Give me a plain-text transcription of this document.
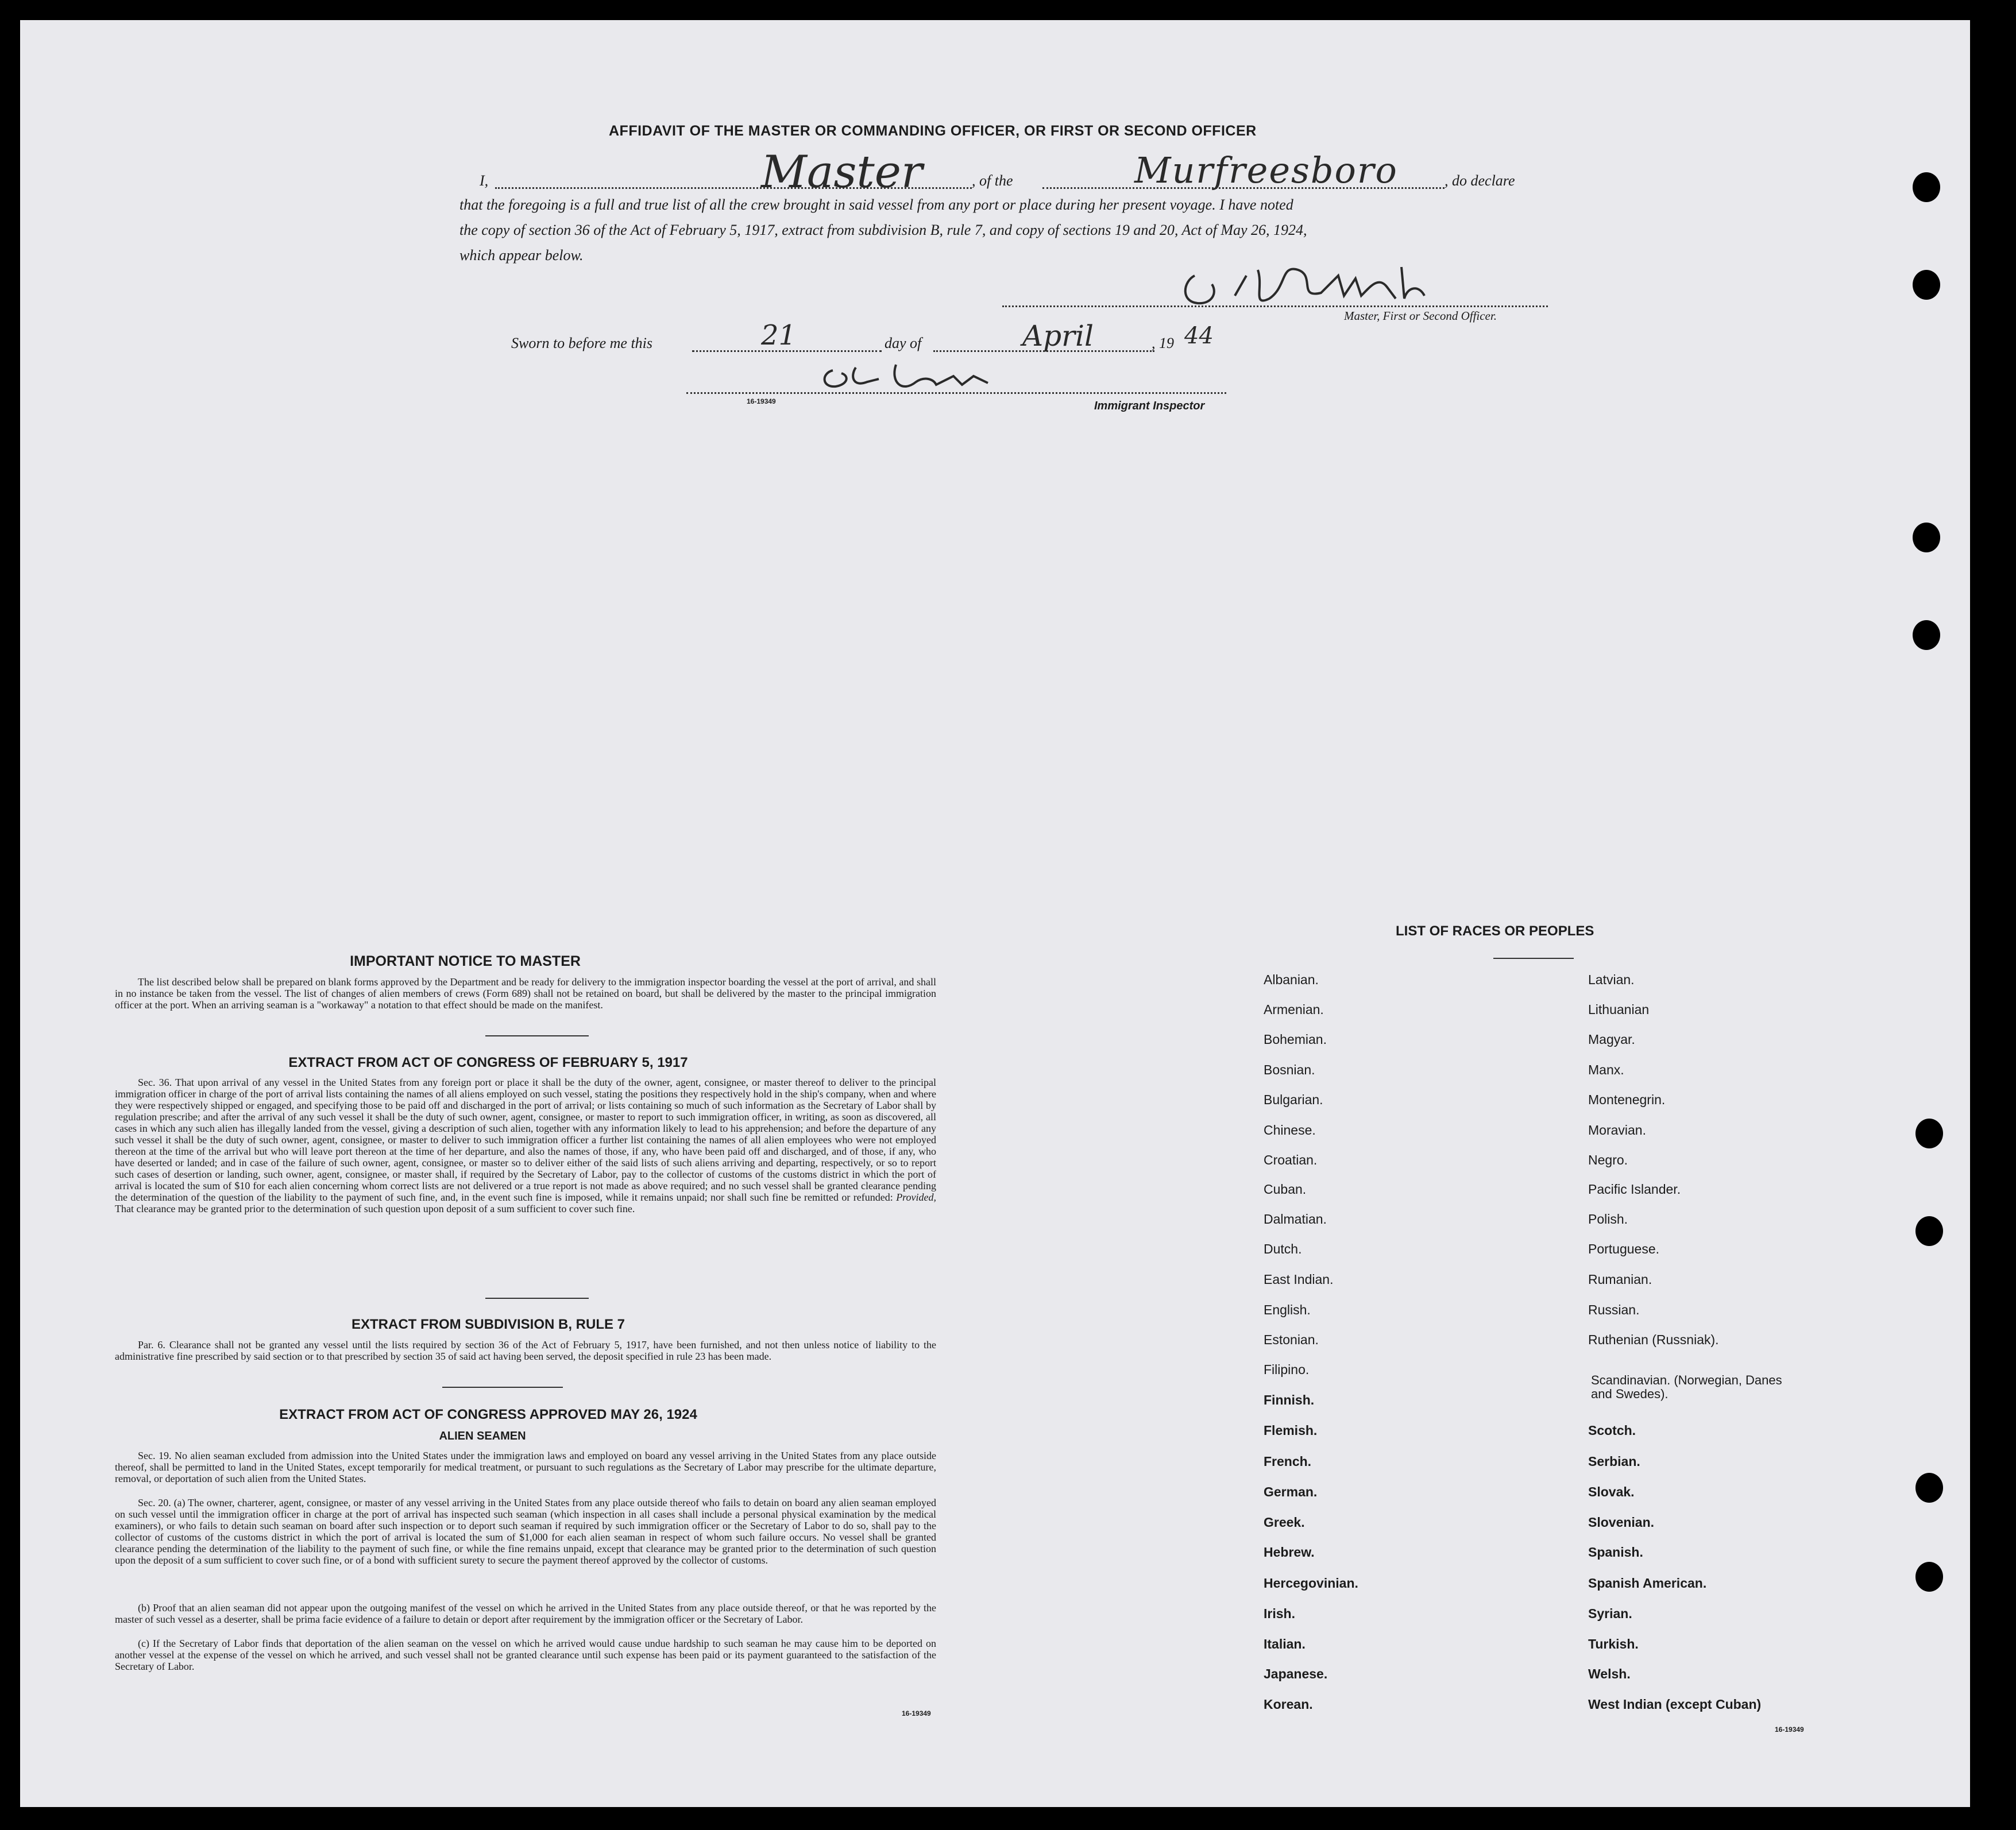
AFFIDAVIT OF THE MASTER OR COMMANDING OFFICER, OR FIRST OR SECOND OFFICER
I,	Master	, of the	Murfreesboro	, do declare
that the foregoing is a full and true list of all the crew brought in said vessel from any port or place during her present voyage. I have noted
the copy of section 36 of the Act of February 5, 1917, extract from subdivision B, rule 7, and copy of sections 19 and 20, Act of May 26, 1924,
which appear below.
Master, First or Second Officer.
Sworn to before me this	21	day of	April	, 19 44
16-19349	Immigrant Inspector
IMPORTANT NOTICE TO MASTER
The list described below shall be prepared on blank forms approved by the Department and be ready for delivery to the immigration inspector boarding the vessel at the port of arrival, and shall in no instance be taken from the vessel. The list of changes of alien members of crews (Form 689) shall not be retained on board, but shall be delivered by the master to the principal immigration officer at the port. When an arriving seaman is a "workaway" a notation to that effect should be made on the manifest.
EXTRACT FROM ACT OF CONGRESS OF FEBRUARY 5, 1917
Sec. 36. That upon arrival of any vessel in the United States from any foreign port or place it shall be the duty of the owner, agent, consignee, or master thereof to deliver to the principal immigration officer in charge of the port of arrival lists containing the names of all aliens employed on such vessel, stating the positions they respectively hold in the ship's company, when and where they were respectively shipped or engaged, and specifying those to be paid off and discharged in the port of arrival; or lists containing so much of such information as the Secretary of Labor shall by regulation prescribe; and after the arrival of any such vessel it shall be the duty of such owner, agent, consignee, or master to report to such immigration officer, in writing, as soon as discovered, all cases in which any such alien has illegally landed from the vessel, giving a description of such alien, together with any information likely to lead to his apprehension; and before the departure of any such vessel it shall be the duty of such owner, agent, consignee, or master to deliver to such immigration officer a further list containing the names of all alien employees who were not employed thereon at the time of the arrival but who will leave port thereon at the time of her departure, and also the names of those, if any, who have been paid off and discharged, and of those, if any, who have deserted or landed; and in case of the failure of such owner, agent, consignee, or master so to deliver either of the said lists of such aliens arriving and departing, respectively, or so to report such cases of desertion or landing, such owner, agent, consignee, or master shall, if required by the Secretary of Labor, pay to the collector of customs of the customs district in which the port of arrival is located the sum of $10 for each alien concerning whom correct lists are not delivered or a true report is not made as above required; and no such vessel shall be granted clearance pending the determination of the question of the liability to the payment of such fine, and, in the event such fine is imposed, while it remains unpaid; nor shall such fine be remitted or refunded: Provided, That clearance may be granted prior to the determination of such question upon deposit of a sum sufficient to cover such fine.
EXTRACT FROM SUBDIVISION B, RULE 7
Par. 6. Clearance shall not be granted any vessel until the lists required by section 36 of the Act of February 5, 1917, have been furnished, and not then unless notice of liability to the administrative fine prescribed by said section or to that prescribed by section 35 of said act having been served, the deposit specified in rule 23 has been made.
EXTRACT FROM ACT OF CONGRESS APPROVED MAY 26, 1924
ALIEN SEAMEN
Sec. 19. No alien seaman excluded from admission into the United States under the immigration laws and employed on board any vessel arriving in the United States from any place outside thereof, shall be permitted to land in the United States, except temporarily for medical treatment, or pursuant to such regulations as the Secretary of Labor may prescribe for the ultimate departure, removal, or deportation of such alien from the United States.
Sec. 20. (a) The owner, charterer, agent, consignee, or master of any vessel arriving in the United States from any place outside thereof who fails to detain on board any alien seaman employed on such vessel until the immigration officer in charge at the port of arrival has inspected such seaman (which inspection in all cases shall include a personal physical examination by the medical examiners), or who fails to detain such seaman on board after such inspection or to deport such seaman if required by such immigration officer or the Secretary of Labor to do so, shall pay to the collector of customs of the customs district in which the port of arrival is located the sum of $1,000 for each alien seaman in respect of whom such failure occurs. No vessel shall be granted clearance pending the determination of the liability to the payment of such fine, or while the fine remains unpaid, except that clearance may be granted prior to the determination of such question upon the deposit of a sum sufficient to cover such fine, or of a bond with sufficient surety to secure the payment thereof approved by the collector of customs.
(b) Proof that an alien seaman did not appear upon the outgoing manifest of the vessel on which he arrived in the United States from any place outside thereof, or that he was reported by the master of such vessel as a deserter, shall be prima facie evidence of a failure to detain or deport after requirement by the immigration officer or the Secretary of Labor.
(c) If the Secretary of Labor finds that deportation of the alien seaman on the vessel on which he arrived would cause undue hardship to such seaman he may cause him to be deported on another vessel at the expense of the vessel on which he arrived, and such vessel shall not be granted clearance until such expense has been paid or its payment guaranteed to the satisfaction of the Secretary of Labor.
16-19349
LIST OF RACES OR PEOPLES
Albanian.
Armenian.
Bohemian.
Bosnian.
Bulgarian.
Chinese.
Croatian.
Cuban.
Dalmatian.
Dutch.
East Indian.
English.
Estonian.
Filipino.
Finnish.
Flemish.
French.
German.
Greek.
Hebrew.
Hercegovinian.
Irish.
Italian.
Japanese.
Korean.
Latvian.
Lithuanian
Magyar.
Manx.
Montenegrin.
Moravian.
Negro.
Pacific Islander.
Polish.
Portuguese.
Rumanian.
Russian.
Ruthenian (Russniak).
Scandinavian. (Norwegian, Danes and Swedes).
Scotch.
Serbian.
Slovak.
Slovenian.
Spanish.
Spanish American.
Syrian.
Turkish.
Welsh.
West Indian (except Cuban)
16-19349
